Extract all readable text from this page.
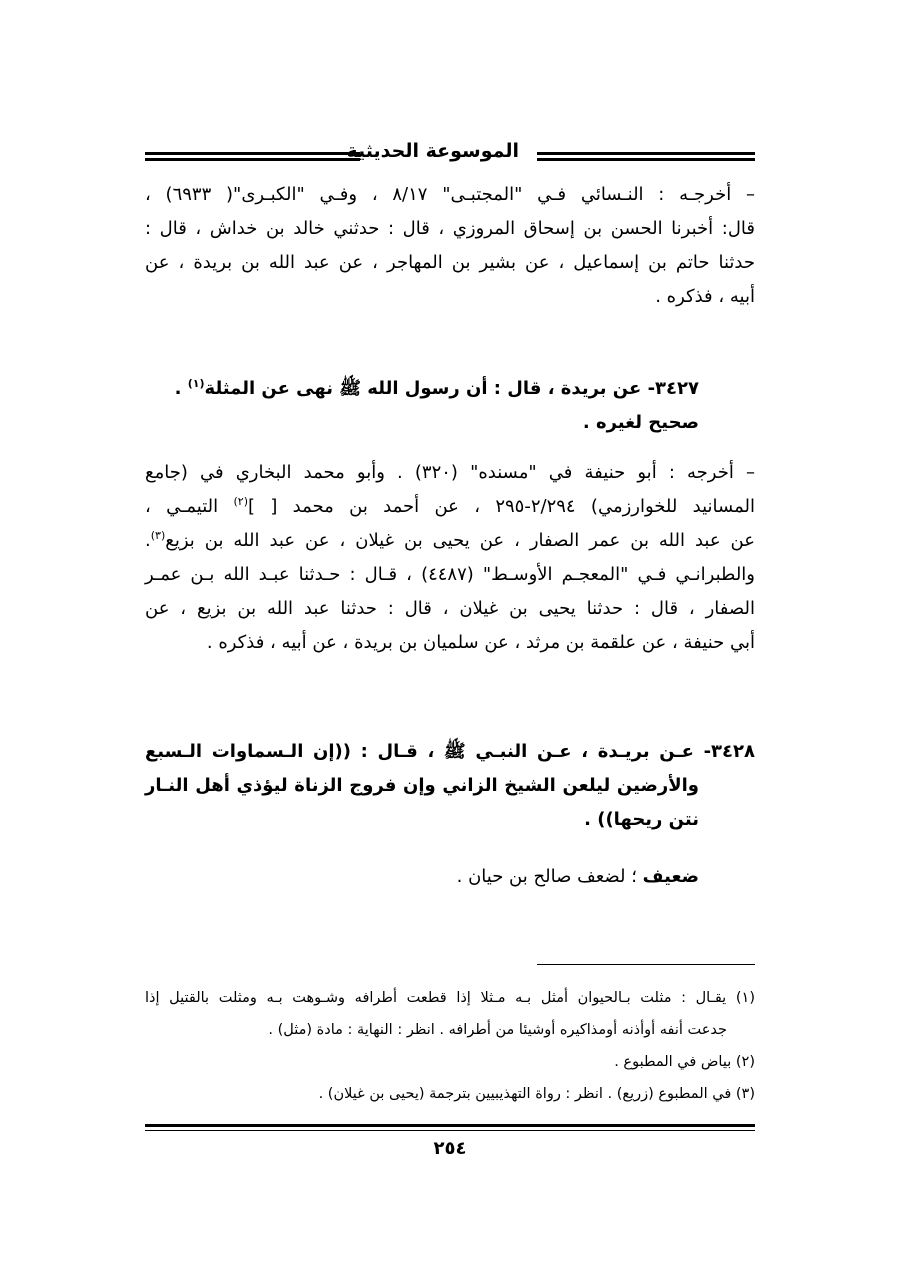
الموسوعة الحديثية
– أخرجـه : النـسائي فـي "المجتبـى" ٨/١٧ ، وفـي "الكبـرى"( ٦٩٣٣) ،
قال: أخبرنا الحسن بن إسحاق المروزي ، قال : حدثني خالد بن خداش ، قال :
حدثنا حاتم بن إسماعيل ، عن بشير بن المهاجر ، عن عبد الله بن بريدة ، عن
أبيه ، فذكره .
٣٤٢٧- عن بريدة ، قال : أن رسول الله ﷺ نهى عن المثلة$^{(١)}$ .
صحيح لغيره .
– أخرجه : أبو حنيفة في "مسنده" (٣٢٠) . وأبو محمد البخاري في (جامع
المسانيد للخوارزمي) ٢/٢٩٤-٢٩٥ ، عن أحمد بن محمد [ ]$^{(٢)}$ التيمـي ،
عن عبد الله بن عمر الصفار ، عن يحيى بن غيلان ، عن عبد الله بن بزيع$^{(٣)}$.
والطبرانـي فـي "المعجـم الأوسـط" (٤٤٨٧) ، قـال : حـدثنا عبـد الله بـن عمـر
الصفار ، قال : حدثنا يحيى بن غيلان ، قال : حدثنا عبد الله بن بزيع ، عن
أبي حنيفة ، عن علقمة بن مرثد ، عن سلميان بن بريدة ، عن أبيه ، فذكره .
٣٤٢٨- عـن بريـدة ، عـن النبـي ﷺ ، قـال : ((إن الـسماوات الـسبع
والأرضين ليلعن الشيخ الزاني وإن فروج الزناة ليؤذي أهل النـار
نتن ريحها)) .
ضعيف ؛ لضعف صالح بن حيان .
(١) يقـال : مثلت بـالحيوان أمثل بـه مـثلا إذا قطعت أطرافه وشـوهت بـه ومثلت بالقتيل إذا
جدعت أنفه أوأذنه أومذاكيره أوشيئا من أطرافه . انظر : النهاية : مادة (مثل) .
(٢) بياض في المطبوع .
(٣) في المطبوع (زريع) . انظر : رواة التهذيبيين بترجمة (يحيى بن غيلان) .
٢٥٤
